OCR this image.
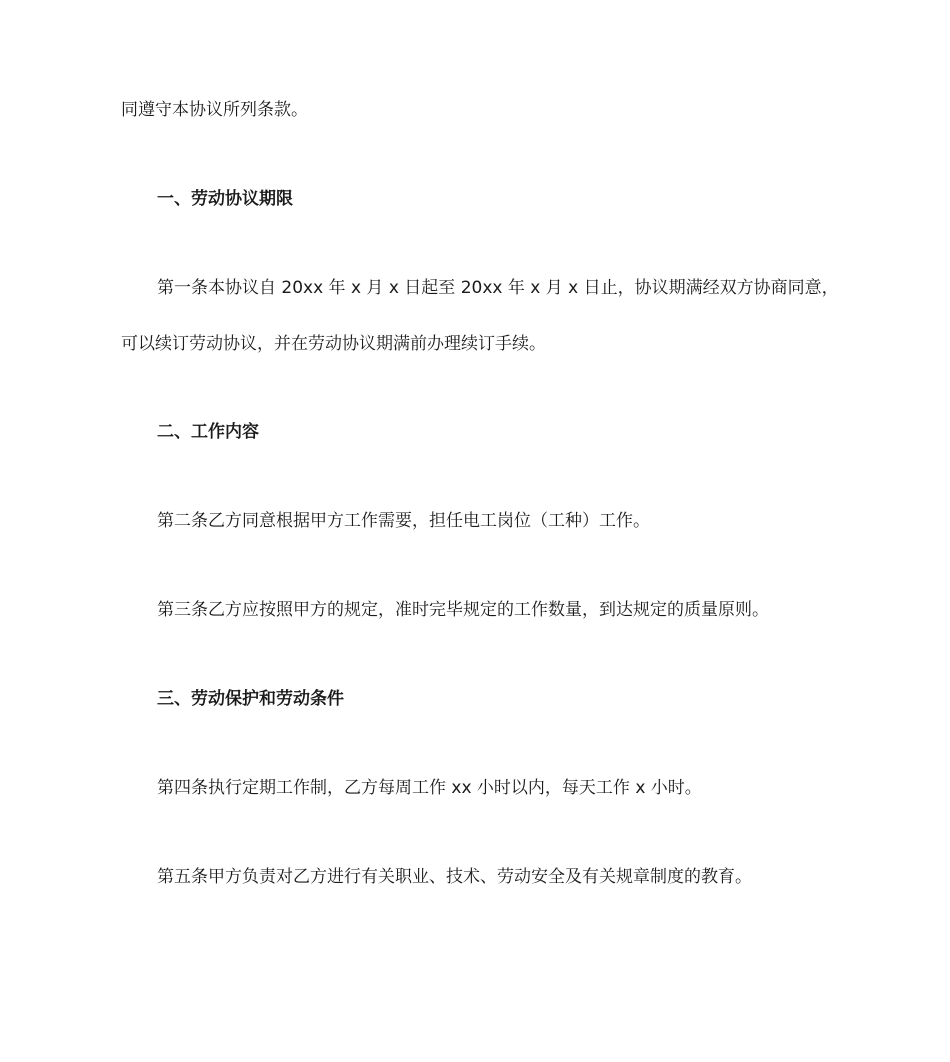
同遵守本协议所列条款。

一、劳动协议期限

第一条本协议自 20xx 年 x 月 x 日起至 20xx 年 x 月 x 日止，协议期满经双方协商同意，

可以续订劳动协议，并在劳动协议期满前办理续订手续。

二、工作内容

第二条乙方同意根据甲方工作需要，担任电工岗位（工种）工作。

第三条乙方应按照甲方的规定，准时完毕规定的工作数量，到达规定的质量原则。

三、劳动保护和劳动条件

第四条执行定期工作制，乙方每周工作 xx 小时以内，每天工作 x 小时。

第五条甲方负责对乙方进行有关职业、技术、劳动安全及有关规章制度的教育。
